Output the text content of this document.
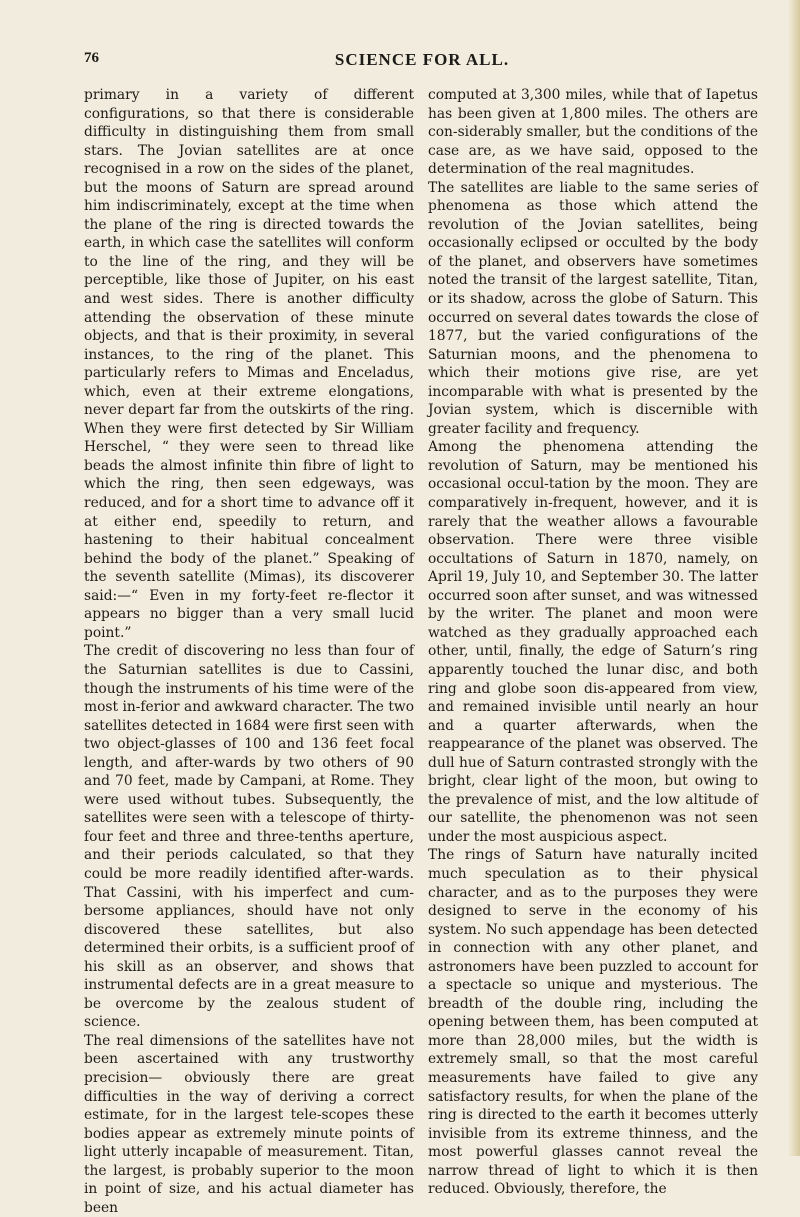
76	SCIENCE FOR ALL.

primary in a variety of different configurations, so that there is considerable difficulty in distinguishing them from small stars. The Jovian satellites are at once recognised in a row on the sides of the planet, but the moons of Saturn are spread around him indiscriminately, except at the time when the plane of the ring is directed towards the earth, in which case the satellites will conform to the line of the ring, and they will be perceptible, like those of Jupiter, on his east and west sides. There is another difficulty attending the observation of these minute objects, and that is their proximity, in several instances, to the ring of the planet. This particularly refers to Mimas and Enceladus, which, even at their extreme elongations, never depart far from the outskirts of the ring. When they were first detected by Sir William Herschel, “ they were seen to thread like beads the almost infinite thin fibre of light to which the ring, then seen edgeways, was reduced, and for a short time to advance off it at either end, speedily to return, and hastening to their habitual concealment behind the body of the planet.” Speaking of the seventh satellite (Mimas), its discoverer said:—“ Even in my forty-feet re-flector it appears no bigger than a very small lucid point.”

The credit of discovering no less than four of the Saturnian satellites is due to Cassini, though the instruments of his time were of the most in-ferior and awkward character. The two satellites detected in 1684 were first seen with two object-glasses of 100 and 136 feet focal length, and after-wards by two others of 90 and 70 feet, made by Campani, at Rome. They were used without tubes. Subsequently, the satellites were seen with a telescope of thirty-four feet and three and three-tenths aperture, and their periods calculated, so that they could be more readily identified after-wards. That Cassini, with his imperfect and cum-bersome appliances, should have not only discovered these satellites, but also determined their orbits, is a sufficient proof of his skill as an observer, and shows that instrumental defects are in a great measure to be overcome by the zealous student of science.

The real dimensions of the satellites have not been ascertained with any trustworthy precision— obviously there are great difficulties in the way of deriving a correct estimate, for in the largest tele-scopes these bodies appear as extremely minute points of light utterly incapable of measurement. Titan, the largest, is probably superior to the moon in point of size, and his actual diameter has been

computed at 3,300 miles, while that of Iapetus has been given at 1,800 miles. The others are con-siderably smaller, but the conditions of the case are, as we have said, opposed to the determination of the real magnitudes.

The satellites are liable to the same series of phenomena as those which attend the revolution of the Jovian satellites, being occasionally eclipsed or occulted by the body of the planet, and observers have sometimes noted the transit of the largest satellite, Titan, or its shadow, across the globe of Saturn. This occurred on several dates towards the close of 1877, but the varied configurations of the Saturnian moons, and the phenomena to which their motions give rise, are yet incomparable with what is presented by the Jovian system, which is discernible with greater facility and frequency.

Among the phenomena attending the revolution of Saturn, may be mentioned his occasional occul-tation by the moon. They are comparatively in-frequent, however, and it is rarely that the weather allows a favourable observation. There were three visible occultations of Saturn in 1870, namely, on April 19, July 10, and September 30. The latter occurred soon after sunset, and was witnessed by the writer. The planet and moon were watched as they gradually approached each other, until, finally, the edge of Saturn’s ring apparently touched the lunar disc, and both ring and globe soon dis-appeared from view, and remained invisible until nearly an hour and a quarter afterwards, when the reappearance of the planet was observed. The dull hue of Saturn contrasted strongly with the bright, clear light of the moon, but owing to the prevalence of mist, and the low altitude of our satellite, the phenomenon was not seen under the most auspicious aspect.

The rings of Saturn have naturally incited much speculation as to their physical character, and as to the purposes they were designed to serve in the economy of his system. No such appendage has been detected in connection with any other planet, and astronomers have been puzzled to account for a spectacle so unique and mysterious. The breadth of the double ring, including the opening between them, has been computed at more than 28,000 miles, but the width is extremely small, so that the most careful measurements have failed to give any satisfactory results, for when the plane of the ring is directed to the earth it becomes utterly invisible from its extreme thinness, and the most powerful glasses cannot reveal the narrow thread of light to which it is then reduced. Obviously, therefore, the
